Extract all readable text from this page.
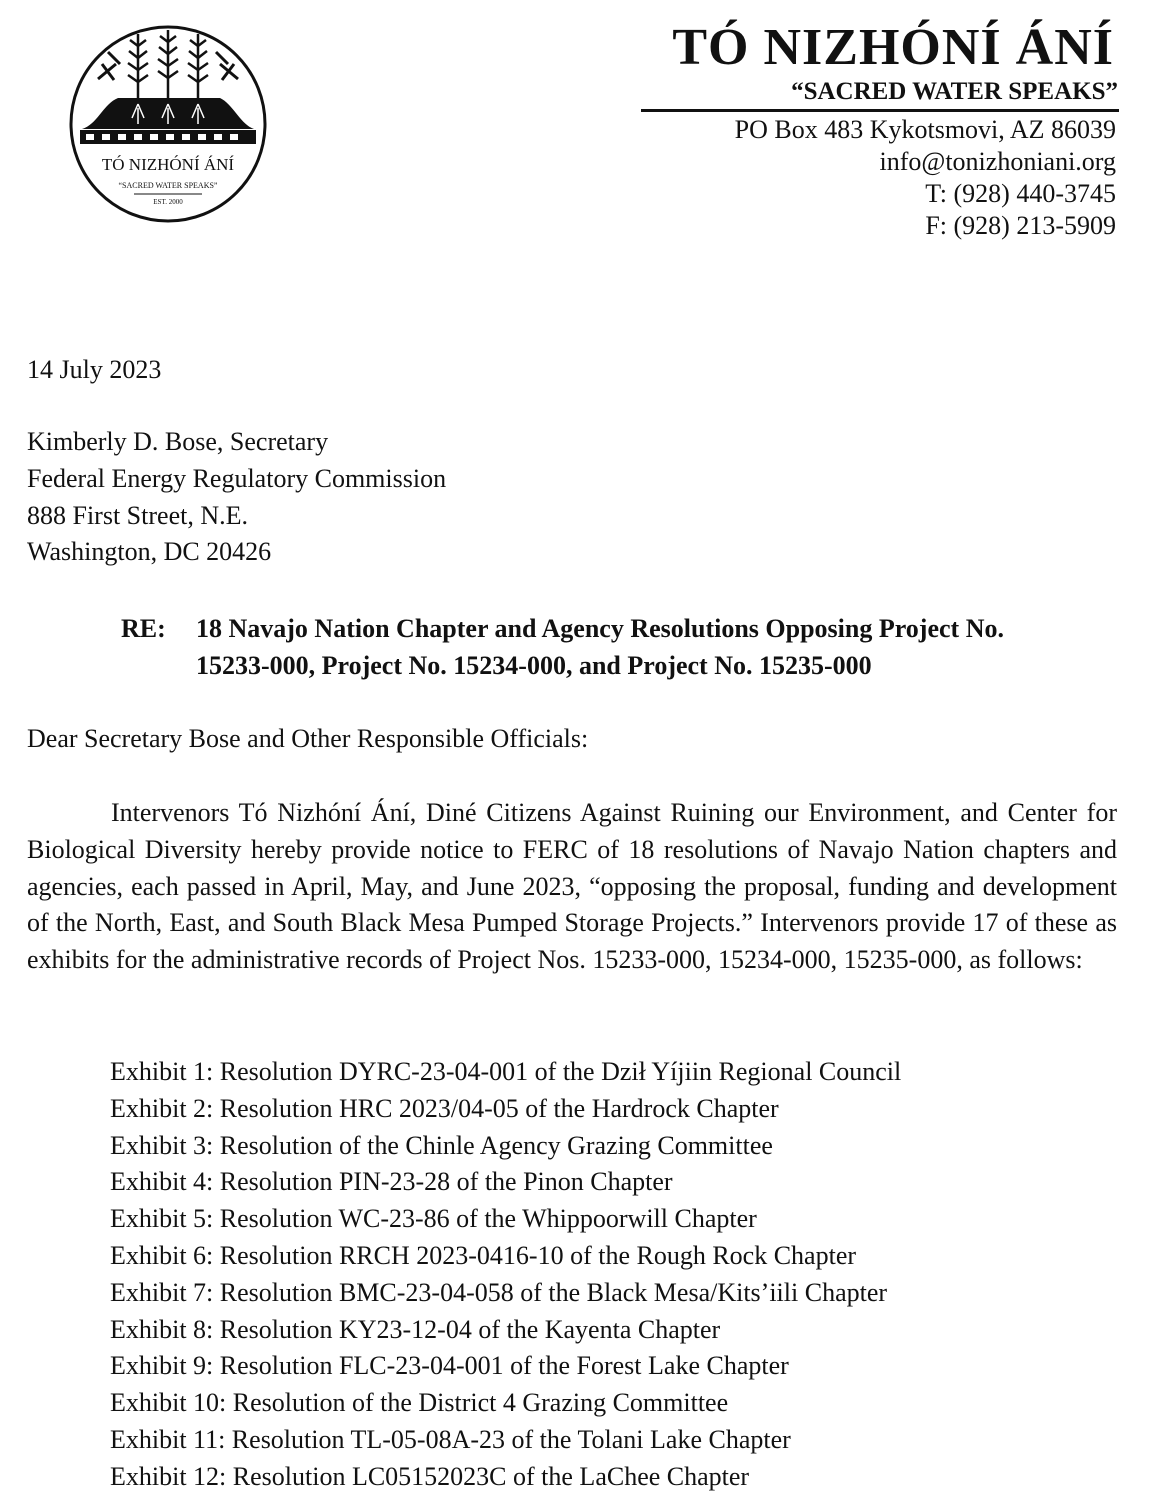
TÓ NIZHÓNÍ ÁNÍ
“SACRED WATER SPEAKS”
EST. 2000
TÓ NIZHÓNÍ ÁNÍ
“SACRED WATER SPEAKS”
PO Box 483 Kykotsmovi, AZ 86039
info@tonizhoniani.org
T: (928) 440-3745
F: (928) 213-5909
14 July 2023
Kimberly D. Bose, Secretary
Federal Energy Regulatory Commission
888 First Street, N.E.
Washington, DC 20426
RE: 18 Navajo Nation Chapter and Agency Resolutions Opposing Project No.
15233-000, Project No. 15234-000, and Project No. 15235-000
Dear Secretary Bose and Other Responsible Officials:

Intervenors Tó Nizhóní Ání, Diné Citizens Against Ruining our Environment, and Center for Biological Diversity hereby provide notice to FERC of 18 resolutions of Navajo Nation chapters and agencies, each passed in April, May, and June 2023, “opposing the proposal, funding and development of the North, East, and South Black Mesa Pumped Storage Projects.” Intervenors provide 17 of these as exhibits for the administrative records of Project Nos. 15233-000, 15234-000, 15235-000, as follows:

Exhibit 1: Resolution DYRC-23-04-001 of the Dził Yíjiin Regional Council
Exhibit 2: Resolution HRC 2023/04-05 of the Hardrock Chapter
Exhibit 3: Resolution of the Chinle Agency Grazing Committee
Exhibit 4: Resolution PIN-23-28 of the Pinon Chapter
Exhibit 5: Resolution WC-23-86 of the Whippoorwill Chapter
Exhibit 6: Resolution RRCH 2023-0416-10 of the Rough Rock Chapter
Exhibit 7: Resolution BMC-23-04-058 of the Black Mesa/Kits’iili Chapter
Exhibit 8: Resolution KY23-12-04 of the Kayenta Chapter
Exhibit 9: Resolution FLC-23-04-001 of the Forest Lake Chapter
Exhibit 10: Resolution of the District 4 Grazing Committee
Exhibit 11: Resolution TL-05-08A-23 of the Tolani Lake Chapter
Exhibit 12: Resolution LC05152023C of the LaChee Chapter
